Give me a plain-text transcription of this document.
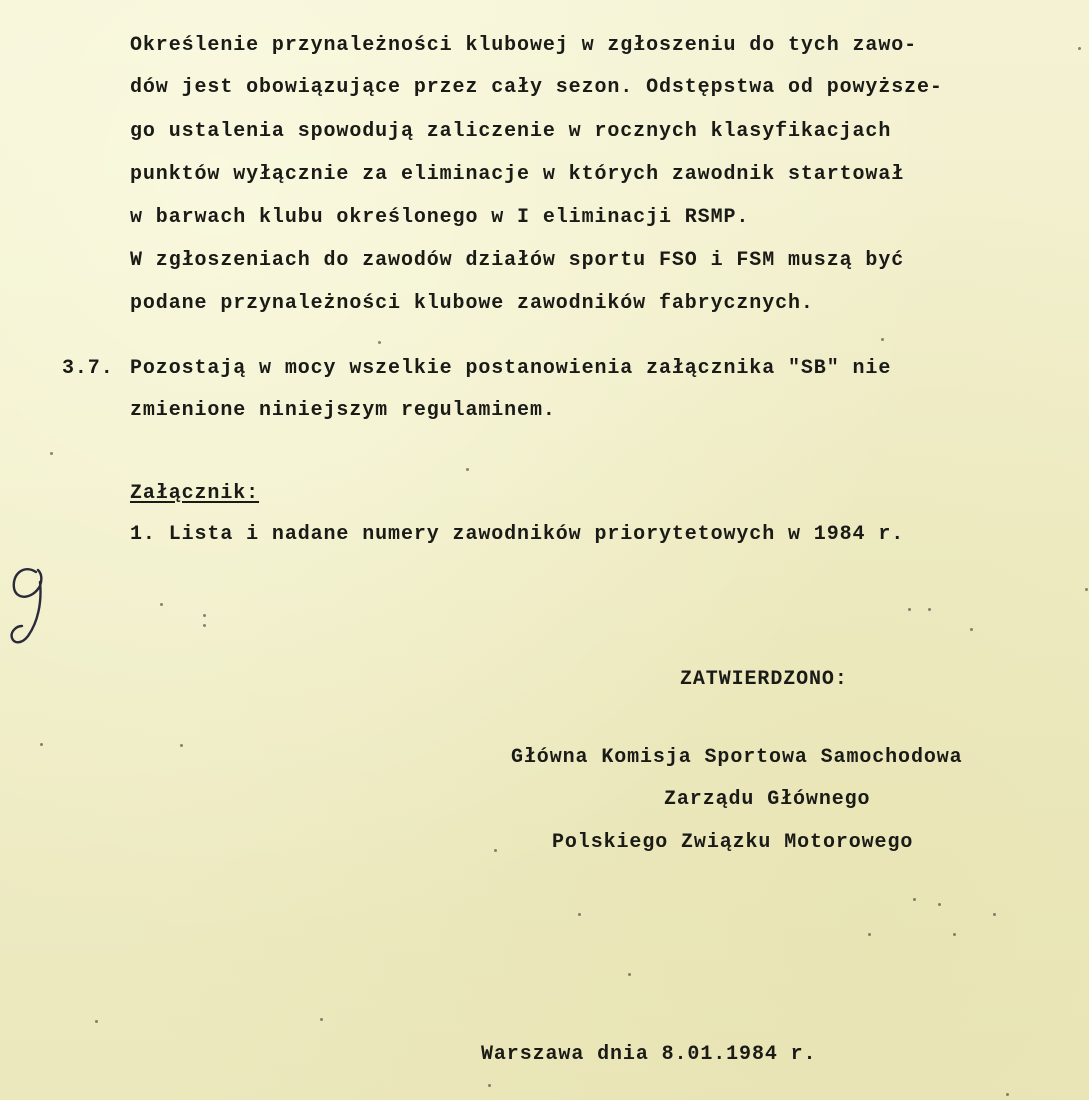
Określenie przynależności klubowej w zgłoszeniu do tych zawo-
dów jest obowiązujące przez cały sezon. Odstępstwa od powyższe-
go ustalenia spowodują zaliczenie w rocznych klasyfikacjach
punktów wyłącznie za eliminacje w których zawodnik startował
w barwach klubu określonego w I eliminacji RSMP.
W zgłoszeniach do zawodów działów sportu FSO i FSM muszą być
podane przynależności klubowe zawodników fabrycznych.
3.7. Pozostają w mocy wszelkie postanowienia załącznika "SB" nie
zmienione niniejszym regulaminem.
Załącznik:
1. Lista i nadane numery zawodników priorytetowych w 1984 r.
ZATWIERDZONO:
Główna Komisja Sportowa Samochodowa
Zarządu Głównego
Polskiego Związku Motorowego
Warszawa dnia 8.01.1984 r.
